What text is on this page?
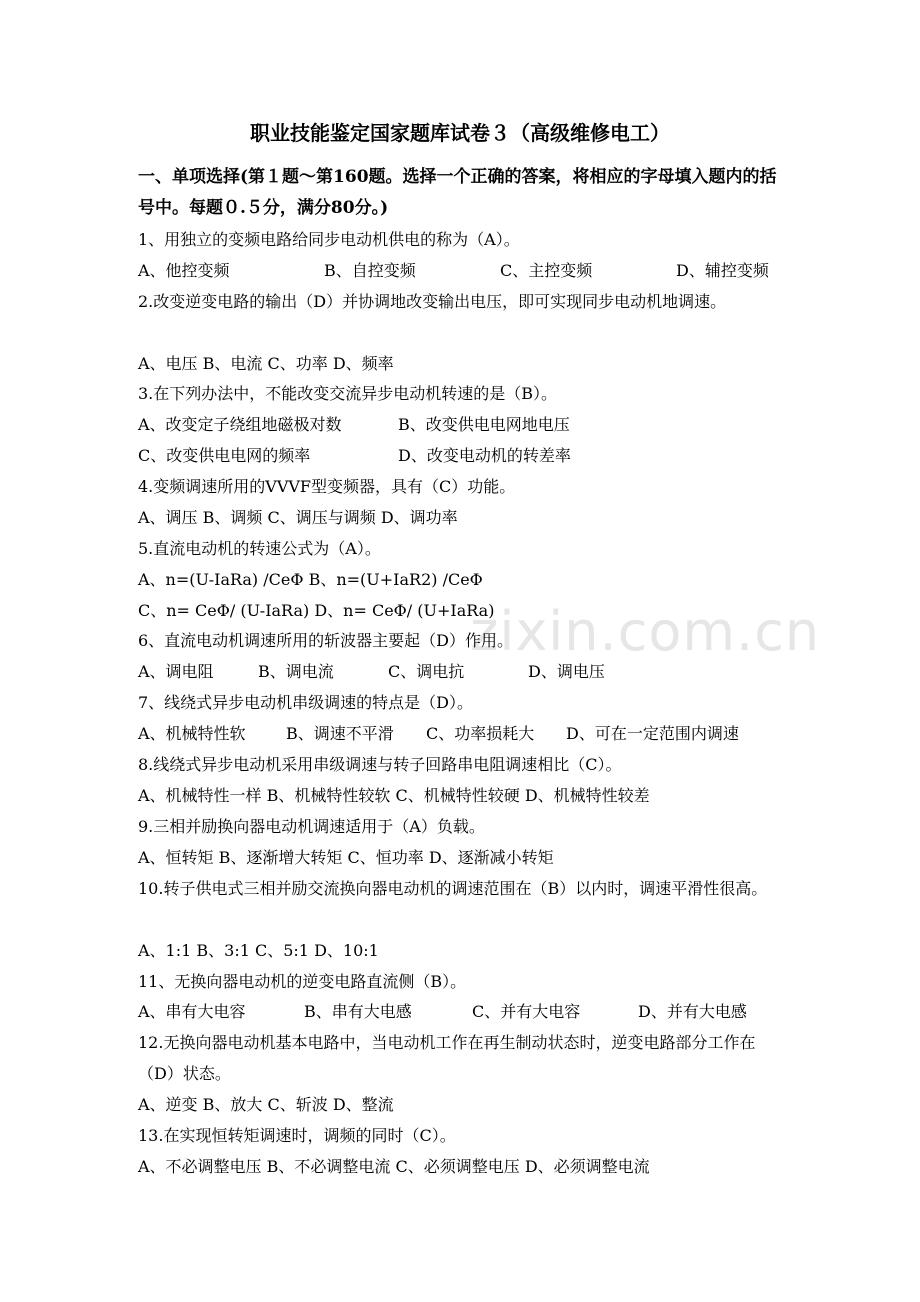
zixin.com.cn
职业技能鉴定国家题库试卷３（高级维修电工）
一、单项选择(第１题～第160题。选择一个正确的答案，将相应的字母填入题内的括号中。每题０.５分，满分80分。)
1、用独立的变频电路给同步电动机供电的称为（A）。
A、他控变频	B、自控变频	C、主控变频	D、辅控变频
2.改变逆变电路的输出（D）并协调地改变输出电压，即可实现同步电动机地调速。
A、电压 B、电流 C、功率 D、频率
3.在下列办法中，不能改变交流异步电动机转速的是（B）。
A、改变定子绕组地磁极对数	B、改变供电电网地电压
C、改变供电电网的频率	D、改变电动机的转差率
4.变频调速所用的VVVF型变频器，具有（C）功能。
A、调压 B、调频 C、调压与调频 D、调功率
5.直流电动机的转速公式为（A）。
A、n=(U-IaRa) /CeΦ B、n=(U+IaR2) /CeΦ
C、n= CeΦ/ (U-IaRa) D、n= CeΦ/ (U+IaRa)
6、直流电动机调速所用的斩波器主要起（D）作用。
A、调电阻	B、调电流	C、调电抗	D、调电压
7、线绕式异步电动机串级调速的特点是（D）。
A、机械特性软	B、调速不平滑 C、功率损耗大 D、可在一定范围内调速
8.线绕式异步电动机采用串级调速与转子回路串电阻调速相比（C）。
A、机械特性一样 B、机械特性较软 C、机械特性较硬 D、机械特性较差
9.三相并励换向器电动机调速适用于（A）负载。
A、恒转矩 B、逐渐增大转矩 C、恒功率 D、逐渐减小转矩
10.转子供电式三相并励交流换向器电动机的调速范围在（B）以内时，调速平滑性很高。
A、1:1 B、3:1 C、5:1 D、10:1
11、无换向器电动机的逆变电路直流侧（B）。
A、串有大电容	B、串有大电感	C、并有大电容	D、并有大电感
12.无换向器电动机基本电路中，当电动机工作在再生制动状态时，逆变电路部分工作在（D）状态。
A、逆变 B、放大 C、斩波 D、整流
13.在实现恒转矩调速时，调频的同时（C）。
A、不必调整电压 B、不必调整电流 C、必须调整电压 D、必须调整电流
